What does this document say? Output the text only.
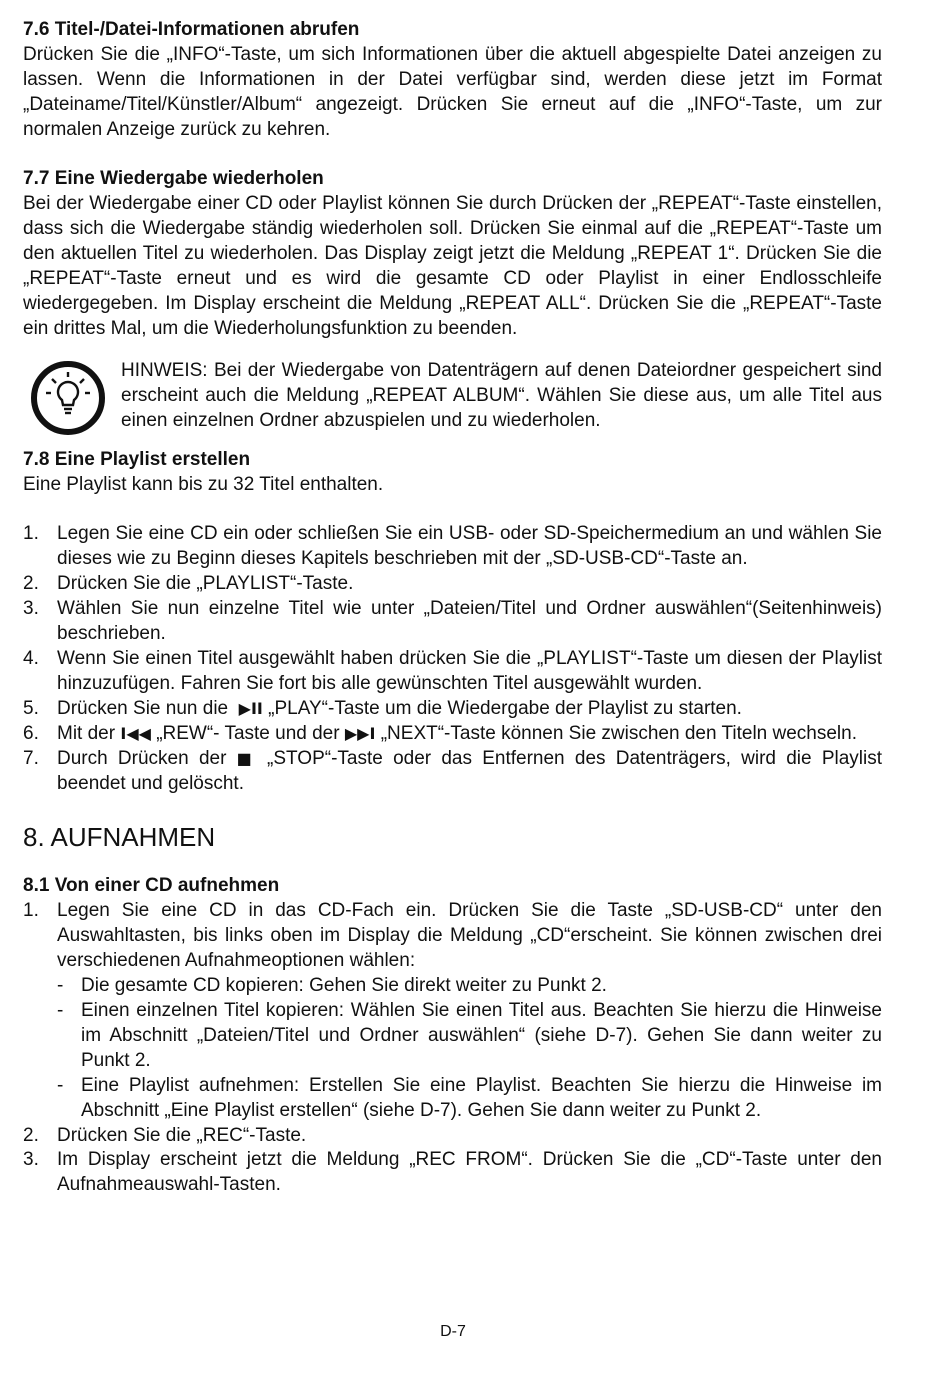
7.6 Titel-/Datei-Informationen abrufen

Drücken Sie die „INFO“-Taste, um sich Informationen über die aktuell abgespielte Datei anzeigen zu lassen. Wenn die Informationen in der Datei verfügbar sind, werden diese jetzt im Format „Dateiname/Titel/Künstler/Album“ angezeigt. Drücken Sie erneut auf die „INFO“-Taste, um zur normalen Anzeige zurück zu kehren.

7.7 Eine Wiedergabe wiederholen

Bei der Wiedergabe einer CD oder Playlist können Sie durch Drücken der „REPEAT“-Taste einstellen, dass sich die Wiedergabe ständig wiederholen soll. Drücken Sie einmal auf die „REPEAT“-Taste um den aktuellen Titel zu wiederholen. Das Display zeigt jetzt die Meldung „REPEAT 1“. Drücken Sie die „REPEAT“-Taste erneut und es wird die gesamte CD oder Playlist in einer Endlosschleife wiedergegeben. Im Display erscheint die Meldung „REPEAT ALL“. Drücken Sie die „REPEAT“-Taste ein drittes Mal, um die Wiederholungsfunktion zu beenden.

HINWEIS: Bei der Wiedergabe von Datenträgern auf denen Dateiordner gespeichert sind erscheint auch die Meldung „REPEAT ALBUM“. Wählen Sie diese aus, um alle Titel aus einen einzelnen Ordner abzuspielen und zu wiederholen.
7.8 Eine Playlist erstellen

Eine Playlist kann bis zu 32 Titel enthalten.

1. Legen Sie eine CD ein oder schließen Sie ein USB- oder SD-Speichermedium an und wählen Sie dieses wie zu Beginn dieses Kapitels beschrieben mit der „SD-USB-CD“-Taste an.
2. Drücken Sie die „PLAYLIST“-Taste.
3. Wählen Sie nun einzelne Titel wie unter „Dateien/Titel und Ordner auswählen“(Seitenhinweis) beschrieben.
4. Wenn Sie einen Titel ausgewählt haben drücken Sie die „PLAYLIST“-Taste um diesen der Playlist hinzuzufügen. Fahren Sie fort bis alle gewünschten Titel ausgewählt wurden.
5. Drücken Sie nun die ▶II „PLAY“-Taste um die Wiedergabe der Playlist zu starten.
6. Mit der I◀◀ „REW“- Taste und der ▶▶I „NEXT“-Taste können Sie zwischen den Titeln wechseln.
7. Durch Drücken der ■ „STOP“-Taste oder das Entfernen des Datenträgers, wird die Playlist beendet und gelöscht.
8. AUFNAHMEN
8.1 Von einer CD aufnehmen
1. Legen Sie eine CD in das CD-Fach ein. Drücken Sie die Taste „SD-USB-CD“ unter den Auswahltasten, bis links oben im Display die Meldung „CD“erscheint. Sie können zwischen drei verschiedenen Aufnahmeoptionen wählen:
- Die gesamte CD kopieren: Gehen Sie direkt weiter zu Punkt 2.
- Einen einzelnen Titel kopieren: Wählen Sie einen Titel aus. Beachten Sie hierzu die Hinweise im Abschnitt „Dateien/Titel und Ordner auswählen“ (siehe D-7). Gehen Sie dann weiter zu Punkt 2.
- Eine Playlist aufnehmen: Erstellen Sie eine Playlist. Beachten Sie hierzu die Hinweise im Abschnitt „Eine Playlist erstellen“ (siehe D-7). Gehen Sie dann weiter zu Punkt 2.
2. Drücken Sie die „REC“-Taste.
3. Im Display erscheint jetzt die Meldung „REC FROM“. Drücken Sie die „CD“-Taste unter den Aufnahmeauswahl-Tasten.
D-7
